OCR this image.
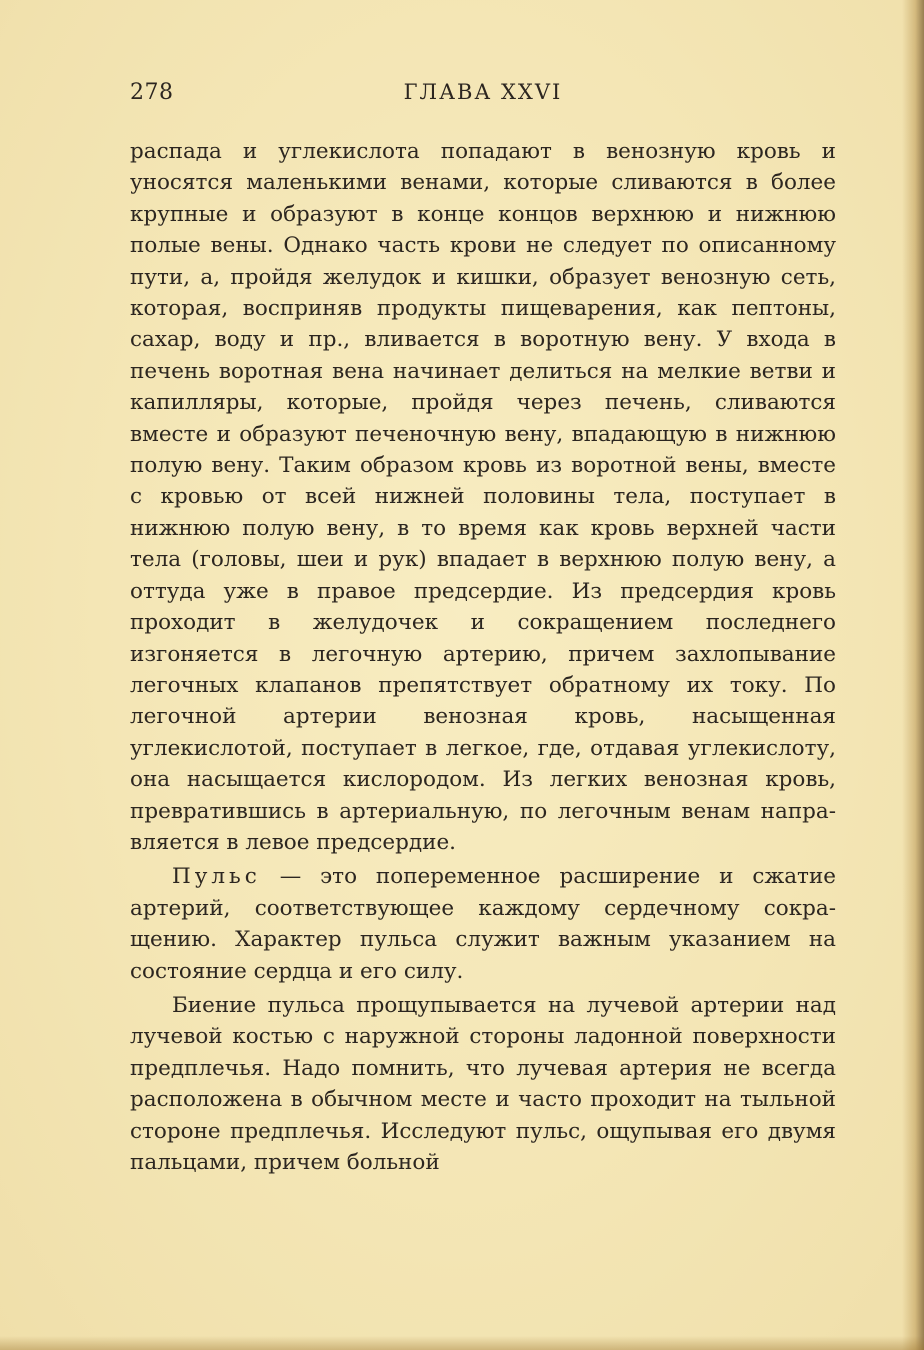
278	ГЛАВА XXVI

распада и углекислота попадают в венозную кровь и уносятся маленькими венами, которые сливаются в более крупные и образуют в конце концов верхнюю и нижнюю полые вены. Однако часть крови не следует по описанному пути, а, пройдя желудок и кишки, образует венозную сеть, которая, восприняв продукты пищеварения, как пептоны, сахар, воду и пр., вливается в воротную вену. У входа в печень воротная вена начинает делиться на мелкие ветви и капилляры, которые, пройдя через печень, сливаются вместе и образуют печеночную вену, впадающую в нижнюю полую вену. Таким образом кровь из воротной вены, вместе с кровью от всей нижней половины тела, поступает в нижнюю полую вену, в то время как кровь верхней части тела (головы, шеи и рук) впадает в верхнюю полую вену, а оттуда уже в правое предсердие. Из предсердия кровь проходит в желудочек и сокращением последнего изгоняется в легочную артерию, причем захлопывание легочных клапанов препятствует обратному их току. По легочной артерии венозная кровь, насыщенная углекислотой, поступает в легкое, где, отдавая углекислоту, она насыщается кислородом. Из легких венозная кровь, превратившись в артериальную, по легочным венам направляется в левое предсердие.

Пульс — это попеременное расширение и сжатие артерий, соответствующее каждому сердечному сокращению. Характер пульса служит важным указанием на состояние сердца и его силу.

Биение пульса прощупывается на лучевой артерии над лучевой костью с наружной стороны ладонной поверхности предплечья. Надо помнить, что лучевая артерия не всегда расположена в обычном месте и часто проходит на тыльной стороне предплечья. Исследуют пульс, ощупывая его двумя пальцами, причем больной
